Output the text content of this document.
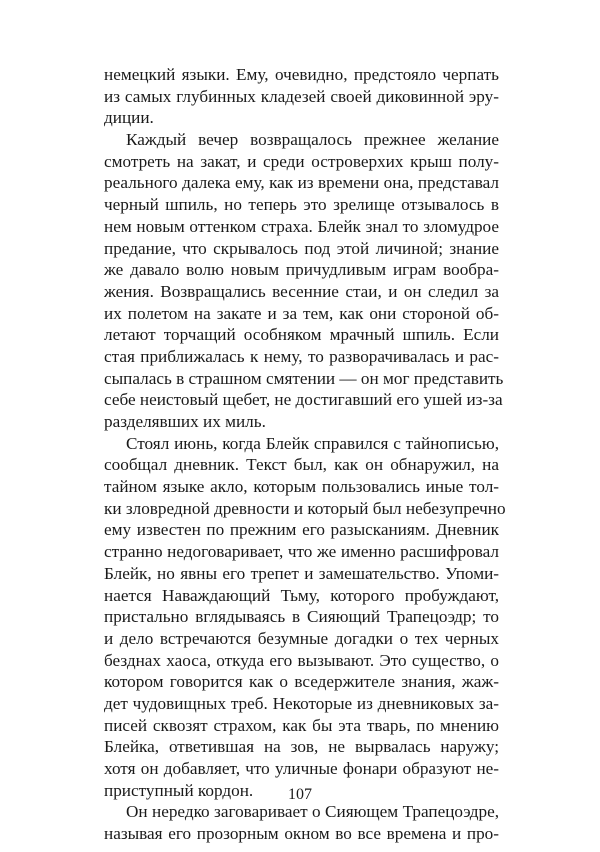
немецкий языки. Ему, очевидно, предстояло черпать
из самых глубинных кладезей своей диковинной эру-
диции.
Каждый вечер возвращалось прежнее желание
смотреть на закат, и среди островерхих крыш полу-
реального далека ему, как из времени она, представал
черный шпиль, но теперь это зрелище отзывалось в
нем новым оттенком страха. Блейк знал то зломудрое
предание, что скрывалось под этой личиной; знание
же давало волю новым причудливым играм вообра-
жения. Возвращались весенние стаи, и он следил за
их полетом на закате и за тем, как они стороной об-
летают торчащий особняком мрачный шпиль. Если
стая приближалась к нему, то разворачивалась и рас-
сыпалась в страшном смятении — он мог представить
себе неистовый щебет, не достигавший его ушей из-за
разделявших их миль.
Стоял июнь, когда Блейк справился с тайнописью,
сообщал дневник. Текст был, как он обнаружил, на
тайном языке акло, которым пользовались иные тол-
ки зловредной древности и который был небезупречно
ему известен по прежним его разысканиям. Дневник
странно недоговаривает, что же именно расшифровал
Блейк, но явны его трепет и замешательство. Упоми-
нается Наваждающий Тьму, которого пробуждают,
пристально вглядываясь в Сияющий Трапецоэдр; то
и дело встречаются безумные догадки о тех черных
безднах хаоса, откуда его вызывают. Это существо, о
котором говорится как о вседержителе знания, жаж-
дет чудовищных треб. Некоторые из дневниковых за-
писей сквозят страхом, как бы эта тварь, по мнению
Блейка, ответившая на зов, не вырвалась наружу;
хотя он добавляет, что уличные фонари образуют не-
приступный кордон.
Он нередко заговаривает о Сияющем Трапецоэдре,
называя его прозорным окном во все времена и про-
107
